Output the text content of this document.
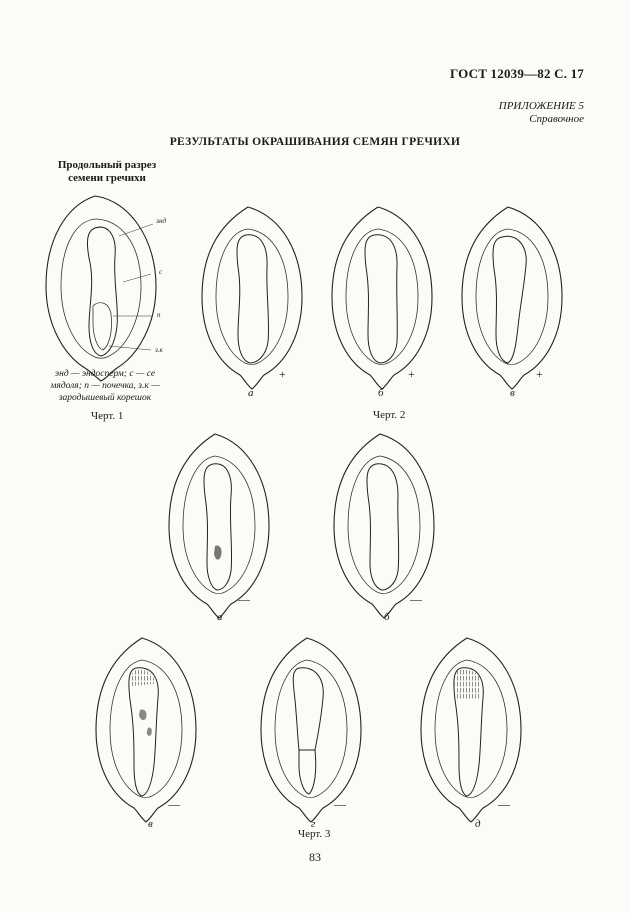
ГОСТ 12039—82 С. 17
ПРИЛОЖЕНИЕ 5
Справочное
РЕЗУЛЬТАТЫ ОКРАШИВАНИЯ СЕМЯН ГРЕЧИХИ
Продольный разрез
семени гречихи
энд
с
п
з.к
энд — эндосперм; с — се
мядоля; п — почечка, з.к —
зародышевый корешок
Черт. 1
а
+
б
+
в
+
Черт. 2
а
—
б
—
в
—
г
—
д
—
Черт. 3
83
